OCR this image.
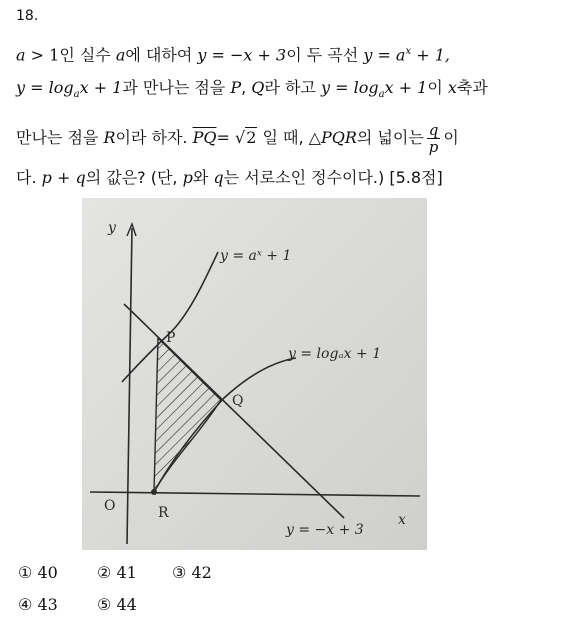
18.
a > 1인 실수 a에 대하여 y = −x + 3이 두 곡선 $y = a^x + 1$,
$y = \log_ax + 1$과 만나는 점을 P, Q라 하고 $y = \log_ax + 1$이 x축과
만나는 점을 R이라 하자. $\overline{PQ}= √2$ 일 때, △PQR의 넓이는 $\frac{q}{p}$ 이
다. p + q의 값은? (단, p와 q는 서로소인 정수이다.) [5.8점]
y
x
O
y = aˣ + 1
y = logₐx + 1
y = −x + 3
P
Q
R
① 40 ② 41 ③ 42
④ 43 ⑤ 44
